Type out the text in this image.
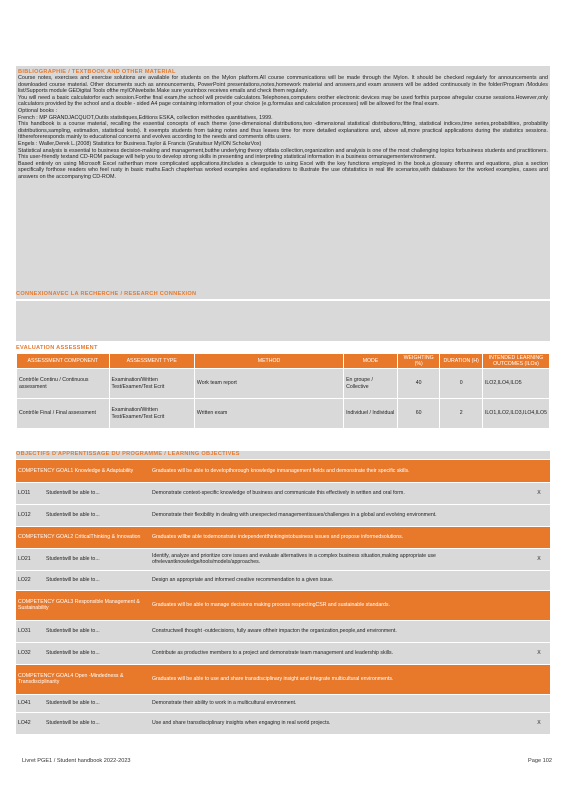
BIBLIOGRAPHIE / TEXTBOOK AND OTHER MATERIAL

Course notes, exercises and exercise solutions are available for students on the Mylon platform.All course communications will be made through the Mylon. It should be checked regularly for announcements and downloaded course material. Other documents such as announcements, PowerPoint presentations,notes,homework material and answers,and exam answers will be added continuously in the folder/Program /Modules list/Supports module GEDigital Tools ofthe myIONwebsite.Make sure yourinbox receives emails and check them regularly.

You will need a basic calculatorfor each session.Forthe final exam,the school will provide calculators.Telephones,computers orother electronic devices may be used forthis purpose afregular course sessions.However,only calculators provided by the school and a double - sided A4 page containing information of your choice (e.g.formulas and calculation processes) will be allowed for the final exam.

Optional books :

French : MP GRANDJACQUOT,Outils statistiques,Editions ESKA, collection méthodes quantitatives, 1999.

This handbook is a course material, recalling the essential concepts of each theme (one-dimensional distributions,two -dimensional statistical distributions,fitting, statistical indices,time series,probabilities, probability distributions,sampling, estimation, statistical tests). It exempts students from taking notes and thus leaves time for more detailed explanations and, above all,more practical applications during the statistics sessions. Itthereforeresponds mainly to educational concerns and evolves according to the needs and comments ofits users.

Engels : Waller,Derek L.(2008) Statistics for Business.Taylor & Francis (Gratuitsur MyION ScholarVox)

Statistical analysis is essential to business decision-making and management,butthe underlying theory ofdata collection,organization and analysis is one of the most challenging topics forbusiness students and practitioners. This user-friendly textand CD-ROM package will help you to develop strong skills in presenting and interpreting statistical information in a business ormanagementenvironment.

Based entirely on using Microsoft Excel ratherthan more complicated applications,itincludes a clearguide to using Excel with the key functions employed in the book,a glossary ofterms and equations, plus a section specifically forthose readers who feel rusty in basic maths.Each chapterhas worked examples and explanations to illustrate the use ofstatistics in real life scenarios,with databases for the worked examples, cases and answers on the accompanying CD-ROM.

CONNEXIONAVEC LA RECHERCHE / RESEARCH CONNEXION
EVALUATION ASSESSMENT
ASSESSMENT COMPONENT	ASSESSMENT TYPE	METHOD	MODE	WEIGHTING (%)	DURATION (H)	INTENDED LEARNING OUTCOMES (ILOs)
Contrôle Continu / Continuous assessment	Examination/Written Test/Examen/Test Ecrit	Work team report	En groupe / Collective	40	0	ILO2,ILO4,ILO5
Contrôle Final / Final assessment	Examination/Written Test/Examen/Test Ecrit	Written exam	Individuel / Individual	60	2	ILO1,ILO2,ILO3,ILO4,ILO5
OBJECTIFS D'APPRENTISSAGE DU PROGRAMME / LEARNING OBJECTIVES
COMPETENCY GOAL1 Knowledge & Adaptability		Graduates will be able to developthorough knowledge inmanagement fields and demonstrate their specific skills.	
LO11	Studentwill be able to...	Demonstrate context-specific knowledge of business and communicate this effectively in written and oral form.	X
LO12	Studentwill be able to...	Demonstrate their flexibility in dealing with unexpected managementissues/challenges in a global and evolving environment.	
COMPETENCY GOAL2 CriticalThinking & Innovation		Graduates willbe able todemonstrate independentthinkingintobusiness issues and propose informedsolutions.	
LO21	Studentwill be able to...	Identify, analyze and prioritize core issues and evaluate alternatives in a complex business situation,making appropriate use ofrelevantknowledge/tools/models/approaches.	X
LO22	Studentwill be able to...	Design an appropriate and informed creative recommendation to a given issue.	
COMPETENCY GOAL3 Responsible Management & Sustainability		Graduates will be able to manage decisions making process respectingCSR and sustainable standards.	
LO31	Studentwill be able to...	Constructwell thought -outdecisions, fully aware oftheir impacton the organization,people,and environment.	
LO32	Studentwill be able to...	Contribute as productive members to a project and demonstrate team management and leadership skills.	X
COMPETENCY GOAL4 Open -Mindedness & Transdisciplinarity		Graduates will be able to use and share transdisciplinary insight and integrate multicultural environments.	
LO41	Studentwill be able to...	Demonstrate their ability to work in a multicultural environment.	
LO42	Studentwill be able to...	Use and share transdisciplinary insights when engaging in real world projects.	X
Livret PGE1 / Student handbook 2022-2023	Page 102
